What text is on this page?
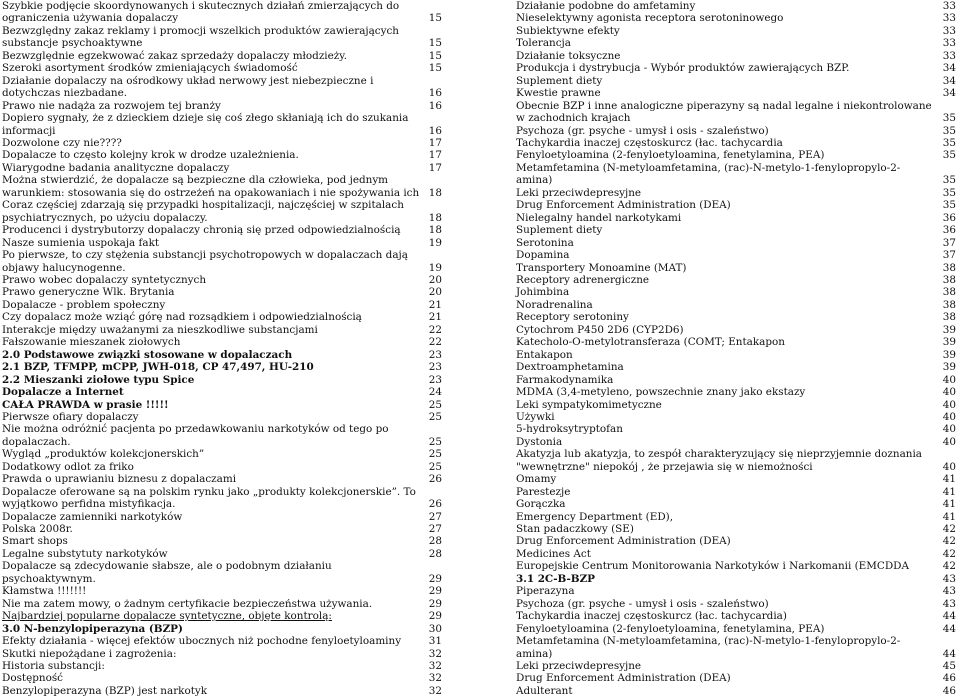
Szybkie podjęcie skoordynowanych i skutecznych działań zmierzających do ograniczenia używania dopalaczy	15
Bezwzględny zakaz reklamy i promocji wszelkich produktów zawierających substancje psychoaktywne	15
Bezwzględnie egzekwować zakaz sprzedaży dopalaczy młodzieży.	15
Szeroki asortyment środków zmieniających świadomość	15
Działanie dopalaczy na ośrodkowy układ nerwowy jest niebezpieczne i dotychczas niezbadane.	16
Prawo nie nadąża za rozwojem tej branży	16
Dopiero sygnały, że z dzieckiem dzieje się coś złego skłaniają ich do szukania informacji	16
Dozwolone czy nie????	17
Dopalacze to często kolejny krok w drodze uzależnienia.	17
Wiarygodne badania analityczne dopalaczy	17
Można stwierdzić, że dopalacze są bezpieczne dla człowieka, pod jednym warunkiem: stosowania się do ostrzeżeń na opakowaniach i nie spożywania ich 18
Coraz częściej zdarzają się przypadki hospitalizacji, najczęściej w szpitalach psychiatrycznych, po użyciu dopalaczy.	18
Producenci i dystrybutorzy dopalaczy chronią się przed odpowiedzialnością	18
Nasze sumienia uspokaja fakt	19
Po pierwsze, to czy stężenia substancji psychotropowych w dopalaczach dają objawy halucynogenne.	19
Prawo wobec dopalaczy syntetycznych	20
Prawo generyczne Wlk. Brytania	20
Dopalacze - problem społeczny	21
Czy dopalacz może wziąć górę nad rozsądkiem i odpowiedzialnością	21
Interakcje między uważanymi za nieszkodliwe substancjami	22
Fałszowanie mieszanek ziołowych	22
2.0 Podstawowe związki stosowane w dopalaczach	23
2.1 BZP, TFMPP, mCPP, JWH-018, CP 47,497, HU-210	23
2.2 Mieszanki ziołowe typu Spice	23
Dopalacze a Internet	24
CAŁA PRAWDA w prasie !!!!!	25
Pierwsze ofiary dopalaczy	25
Nie można odróżnić pacjenta po przedawkowaniu narkotyków od tego po dopalaczach.	25
Wygląd „produktów kolekcjonerskich”	25
Dodatkowy odlot za friko	25
Prawda o uprawianiu biznesu z dopalaczami	26
Dopalacze oferowane są na polskim rynku jako „produkty kolekcjonerskie”. To wyjątkowo perfidna mistyfikacja.	26
Dopalacze zamienniki narkotyków	27
Polska 2008r.	27
Smart shops	28
Legalne substytuty narkotyków	28
Dopalacze są zdecydowanie słabsze, ale o podobnym działaniu psychoaktywnym.	29
Kłamstwa !!!!!!!	29
Nie ma zatem mowy, o żadnym certyfikacie bezpieczeństwa używania.	29
Najbardziej popularne dopalacze syntetyczne, objęte kontrolą:	29
3.0 N-benzylopiperazyna (BZP)	30
Efekty działania - więcej efektów ubocznych niż pochodne fenyloetyloaminy	31
Skutki niepożądane i zagrożenia:	32
Historia substancji:	32
Dostępność	32
Benzylopiperazyna (BZP) jest narkotyk	32
Działanie podobne do amfetaminy	33
Nieselektywny agonista receptora serotoninowego	33
Subiektywne efekty	33
Tolerancja	33
Działanie toksyczne	33
Produkcja i dystrybucja - Wybór produktów zawierających BZP.	34
Suplement diety	34
Kwestie prawne	34
Obecnie BZP i inne analogiczne piperazyny są nadal legalne i niekontrolowane w zachodnich krajach	35
Psychoza (gr. psyche - umysł i osis - szaleństwo)	35
Tachykardia inaczej częstoskurcz (łac. tachycardia	35
Fenyloetyloamina (2-fenyloetyloamina, fenetylamina, PEA)	35
Metamfetamina (N-metyloamfetamina, (rac)-N-metylo-1-fenylopropylo-2-amina)	35
Leki przeciwdepresyjne	35
Drug Enforcement Administration (DEA)	35
Nielegalny handel narkotykami	36
Suplement diety	36
Serotonina	37
Dopamina	37
Transportery Monoamine (MAT)	38
Receptory adrenergiczne	38
Johimbina	38
Noradrenalina	38
Receptory serotoniny	38
Cytochrom P450 2D6 (CYP2D6)	39
Katecholo-O-metylotransferaza (COMT; Entakapon	39
Entakapon	39
Dextroamphetamina	39
Farmakodynamika	40
MDMA (3,4-metyleno, powszechnie znany jako ekstazy	40
Leki sympatykomimetyczne	40
Używki	40
5-hydroksytryptofan	40
Dystonia	40
Akatyzja lub akatyzja, to zespół charakteryzujący się nieprzyjemnie doznania "wewnętrzne" niepokój , że przejawia się w niemożności	40
Omamy	41
Parestezje	41
Gorączka	41
Emergency Department (ED),	41
Stan padaczkowy (SE)	42
Drug Enforcement Administration (DEA)	42
Medicines Act	42
Europejskie Centrum Monitorowania Narkotyków i Narkomanii (EMCDDA	42
3.1 2C-B-BZP	43
Piperazyna	43
Psychoza (gr. psyche - umysł i osis - szaleństwo)	43
Tachykardia inaczej częstoskurcz (łac. tachycardia)	44
Fenyloetyloamina (2-fenyloetyloamina, fenetylamina, PEA)	44
Metamfetamina (N-metyloamfetamina, (rac)-N-metylo-1-fenylopropylo-2-amina)	44
Leki przeciwdepresyjne	45
Drug Enforcement Administration (DEA)	46
Adulterant	46
